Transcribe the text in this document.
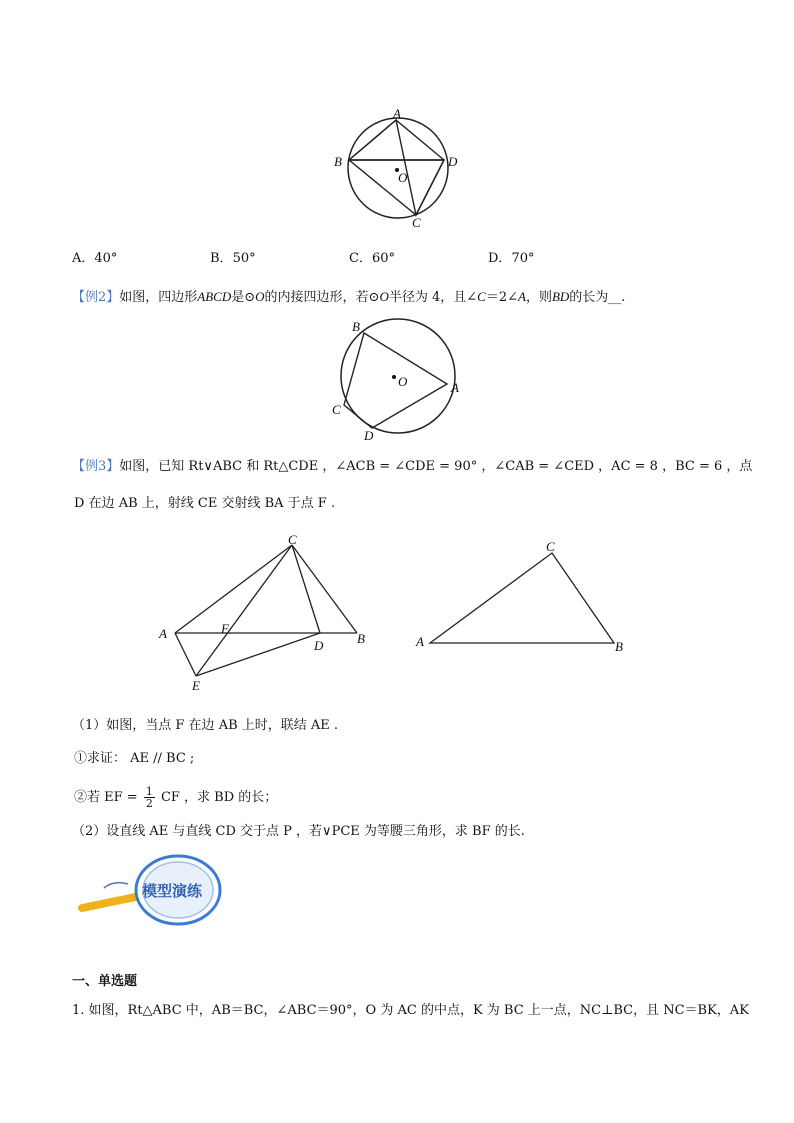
A
B	D
C
O
A．40°	B．50°	C．60°	D．70°
【例2】如图，四边形ABCD是⊙O的内接四边形，若⊙O半径为 4，且∠C＝2∠A，则BD的长为__.
B
A
C
D
O
【例3】如图，已知 Rt∨ABC 和 Rt△CDE ，∠ACB = ∠CDE = 90° ，∠CAB = ∠CED ，AC = 8 ，BC = 6 ，点
D 在边 AB 上，射线 CE 交射线 BA 于点 F .
C
A	F
D	B
E
C
A	B
（1）如图，当点 F 在边 AB 上时，联结 AE .
①求证： AE // BC ;
②若 EF = $\frac{1}{2}$ CF ，求 BD 的长；
（2）设直线 AE 与直线 CD 交于点 P ，若∨PCE 为等腰三角形，求 BF 的长.
模型演练
一、单选题
1. 如图，Rt△ABC 中，AB＝BC，∠ABC＝90°，O 为 AC 的中点，K 为 BC 上一点，NC⊥BC，且 NC＝BK，AK
